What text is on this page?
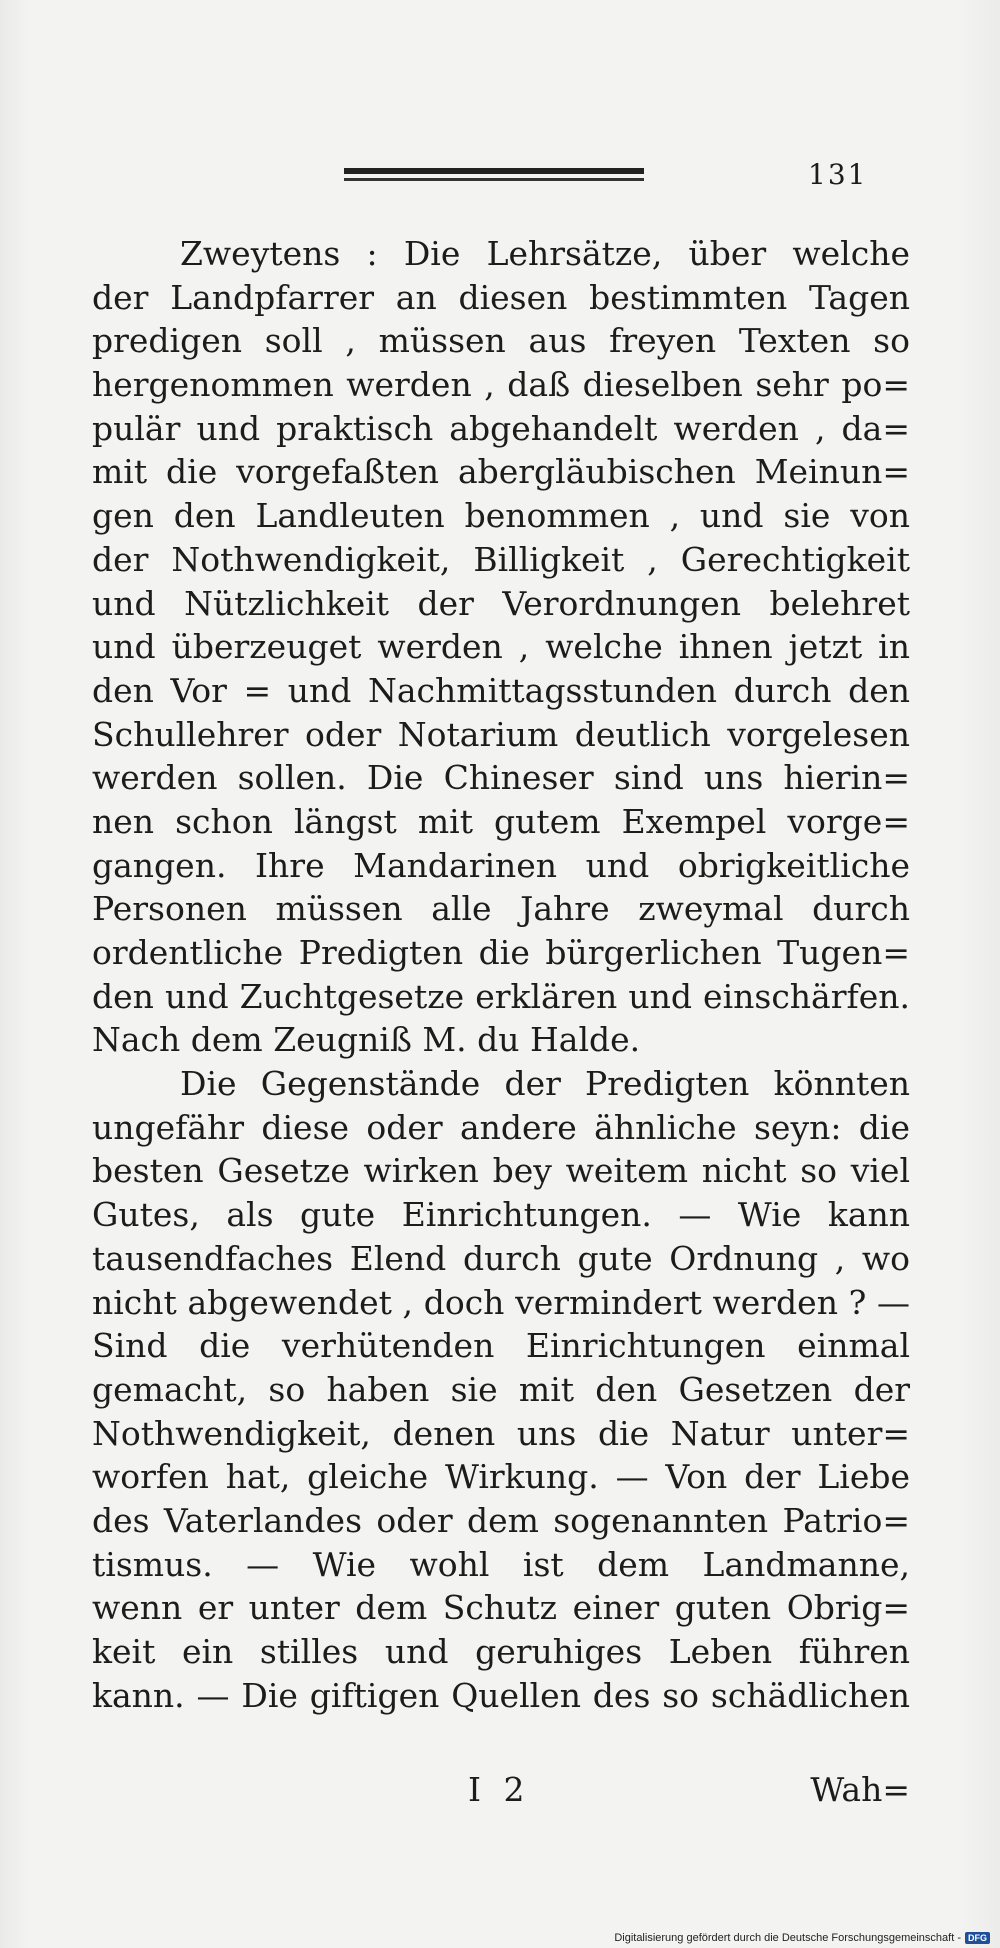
131
Zweytens : Die Lehrsätze, über welche
der Landpfarrer an diesen bestimmten Tagen
predigen soll , müssen aus freyen Texten so
hergenommen werden , daß dieselben sehr po=
pulär und praktisch abgehandelt werden , da=
mit die vorgefaßten abergläubischen Meinun=
gen den Landleuten benommen , und sie von
der Nothwendigkeit, Billigkeit , Gerechtigkeit
und Nützlichkeit der Verordnungen belehret
und überzeuget werden , welche ihnen jetzt in
den Vor = und Nachmittagsstunden durch den
Schullehrer oder Notarium deutlich vorgelesen
werden sollen. Die Chineser sind uns hierin=
nen schon längst mit gutem Exempel vorge=
gangen. Ihre Mandarinen und obrigkeitliche
Personen müssen alle Jahre zweymal durch
ordentliche Predigten die bürgerlichen Tugen=
den und Zuchtgesetze erklären und einschärfen.
Nach dem Zeugniß M. du Halde.
Die Gegenstände der Predigten könnten
ungefähr diese oder andere ähnliche seyn: die
besten Gesetze wirken bey weitem nicht so viel
Gutes, als gute Einrichtungen. — Wie kann
tausendfaches Elend durch gute Ordnung , wo
nicht abgewendet , doch vermindert werden ? —
Sind die verhütenden Einrichtungen einmal
gemacht, so haben sie mit den Gesetzen der
Nothwendigkeit, denen uns die Natur unter=
worfen hat, gleiche Wirkung. — Von der Liebe
des Vaterlandes oder dem sogenannten Patrio=
tismus. — Wie wohl ist dem Landmanne,
wenn er unter dem Schutz einer guten Obrig=
keit ein stilles und geruhiges Leben führen
kann. — Die giftigen Quellen des so schädlichen
I 2	Wah=
Digitalisierung gefördert durch die Deutsche Forschungsgemeinschaft - DFG
